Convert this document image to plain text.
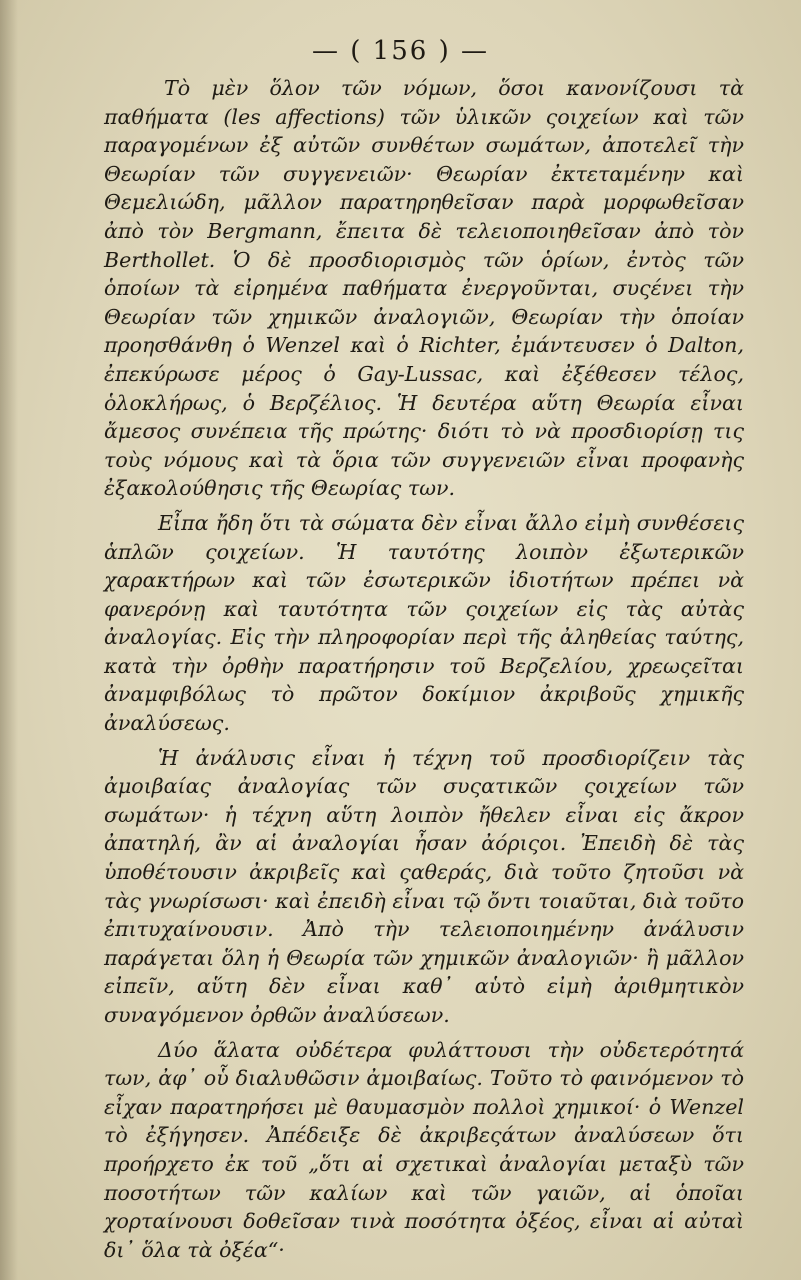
— ( 156 ) —

Τὸ μὲν ὅλον τῶν νόμων, ὅσοι κανονίζουσι τὰ παθήματα (les affections) τῶν ὑλικῶν ςοιχείων καὶ τῶν παραγομένων ἐξ αὐτῶν συνθέτων σωμάτων, ἀποτελεῖ τὴν Θεωρίαν τῶν συγγενειῶν· Θεωρίαν ἐκτεταμένην καὶ Θεμελιώδη, μᾶλλον παρατηρηθεῖσαν παρὰ μορφωθεῖσαν ἀπὸ τὸν Bergmann, ἔπειτα δὲ τελειοποιηθεῖσαν ἀπὸ τὸν Berthollet. Ὁ δὲ προσδιορισμὸς τῶν ὁρίων, ἐντὸς τῶν ὁποίων τὰ εἰρημένα παθήματα ἐνεργοῦνται, συςένει τὴν Θεωρίαν τῶν χημικῶν ἀναλογιῶν, Θεωρίαν τὴν ὁποίαν προησθάνθη ὁ Wenzel καὶ ὁ Richter, ἐμάντευσεν ὁ Dalton, ἐπεκύρωσε μέρος ὁ Gay-Lussac, καὶ ἐξέθεσεν τέλος, ὁλοκλήρως, ὁ Βερζέλιος. Ἡ δευτέρα αὕτη Θεωρία εἶναι ἄμεσος συνέπεια τῆς πρώτης· διότι τὸ νὰ προσδιορίσῃ τις τοὺς νόμους καὶ τὰ ὅρια τῶν συγγενειῶν εἶναι προφανὴς ἐξακολούθησις τῆς Θεωρίας των.

Εἶπα ἤδη ὅτι τὰ σώματα δὲν εἶναι ἄλλο εἰμὴ συνθέσεις ἁπλῶν ςοιχείων. Ἡ ταυτότης λοιπὸν ἐξωτερικῶν χαρακτήρων καὶ τῶν ἐσωτερικῶν ἰδιοτήτων πρέπει νὰ φανερόνῃ καὶ ταυτότητα τῶν ςοιχείων εἰς τὰς αὐτὰς ἀναλογίας. Εἰς τὴν πληροφορίαν περὶ τῆς ἀληθείας ταύτης, κατὰ τὴν ὀρθὴν παρατήρησιν τοῦ Βερζελίου, χρεωςεῖται ἀναμφιβόλως τὸ πρῶτον δοκίμιον ἀκριβοῦς χημικῆς ἀναλύσεως.

Ἡ ἀνάλυσις εἶναι ἡ τέχνη τοῦ προσδιορίζειν τὰς ἀμοιβαίας ἀναλογίας τῶν συςατικῶν ςοιχείων τῶν σωμάτων· ἡ τέχνη αὕτη λοιπὸν ἤθελεν εἶναι εἰς ἄκρον ἀπατηλή, ἂν αἱ ἀναλογίαι ἦσαν ἀόριςοι. Ἐπειδὴ δὲ τὰς ὑποθέτουσιν ἀκριβεῖς καὶ ςαθεράς, διὰ τοῦτο ζητοῦσι νὰ τὰς γνωρίσωσι· καὶ ἐπειδὴ εἶναι τῷ ὄντι τοιαῦται, διὰ τοῦτο ἐπιτυχαίνουσιν. Ἀπὸ τὴν τελειοποιημένην ἀνάλυσιν παράγεται ὅλη ἡ Θεωρία τῶν χημικῶν ἀναλογιῶν· ἢ μᾶλλον εἰπεῖν, αὕτη δὲν εἶναι καθ᾽ αὑτὸ εἰμὴ ἀριθμητικὸν συναγόμενον ὀρθῶν ἀναλύσεων.

Δύο ἅλατα οὐδέτερα φυλάττουσι τὴν οὐδετερότητά των, ἀφ᾽ οὗ διαλυθῶσιν ἀμοιβαίως. Τοῦτο τὸ φαινόμενον τὸ εἶχαν παρατηρήσει μὲ θαυμασμὸν πολλοὶ χημικοί· ὁ Wenzel τὸ ἐξήγησεν. Ἀπέδειξε δὲ ἀκριβεςάτων ἀναλύσεων ὅτι προήρχετο ἐκ τοῦ „ὅτι αἱ σχετικαὶ ἀναλογίαι μεταξὺ τῶν ποσοτήτων τῶν καλίων καὶ τῶν γαιῶν, αἱ ὁποῖαι χορταίνουσι δοθεῖσαν τινὰ ποσότητα ὀξέος, εἶναι αἱ αὐταὶ δι᾽ ὅλα τὰ ὀξέα“·
